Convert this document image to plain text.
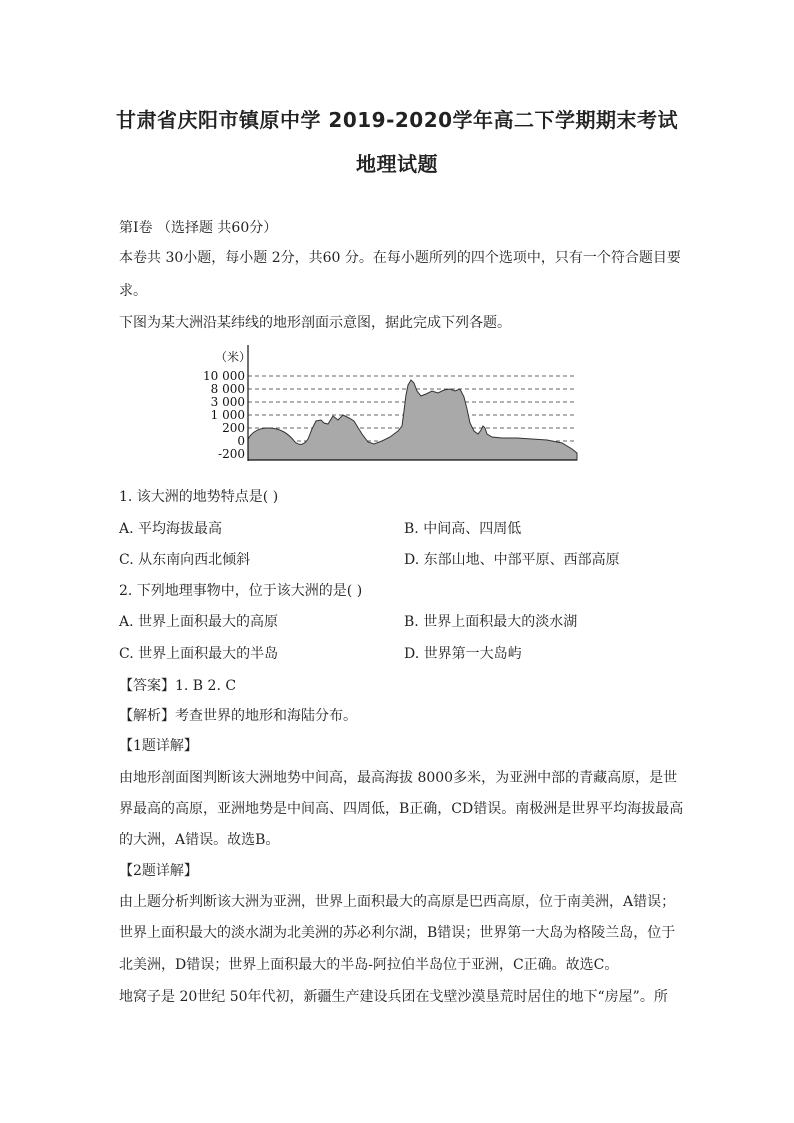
甘肃省庆阳市镇原中学 2019-2020学年高二下学期期末考试
地理试题
第Ⅰ卷 （选择题 共60分）
本卷共 30小题，每小题 2分，共60 分。在每小题所列的四个选项中，只有一个符合题目要
求。
下图为某大洲沿某纬线的地形剖面示意图，据此完成下列各题。
（米）
10 000
8 000
3 000
1 000
200
0
-200
1. 该大洲的地势特点是( )
A. 平均海拔最高	B. 中间高、四周低
C. 从东南向西北倾斜	D. 东部山地、中部平原、西部高原
2. 下列地理事物中，位于该大洲的是( )
A. 世界上面积最大的高原	B. 世界上面积最大的淡水湖
C. 世界上面积最大的半岛	D. 世界第一大岛屿
【答案】1. B 2. C
【解析】考查世界的地形和海陆分布。
【1题详解】
由地形剖面图判断该大洲地势中间高，最高海拔 8000多米，为亚洲中部的青藏高原，是世
界最高的高原，亚洲地势是中间高、四周低，B正确，CD错误。南极洲是世界平均海拔最高
的大洲，A错误。故选B。
【2题详解】
由上题分析判断该大洲为亚洲，世界上面积最大的高原是巴西高原，位于南美洲，A错误；
世界上面积最大的淡水湖为北美洲的苏必利尔湖，B错误；世界第一大岛为格陵兰岛，位于
北美洲，D错误；世界上面积最大的半岛-阿拉伯半岛位于亚洲，C正确。故选C。
地窝子是 20世纪 50年代初，新疆生产建设兵团在戈壁沙漠垦荒时居住的地下“房屋”。所
